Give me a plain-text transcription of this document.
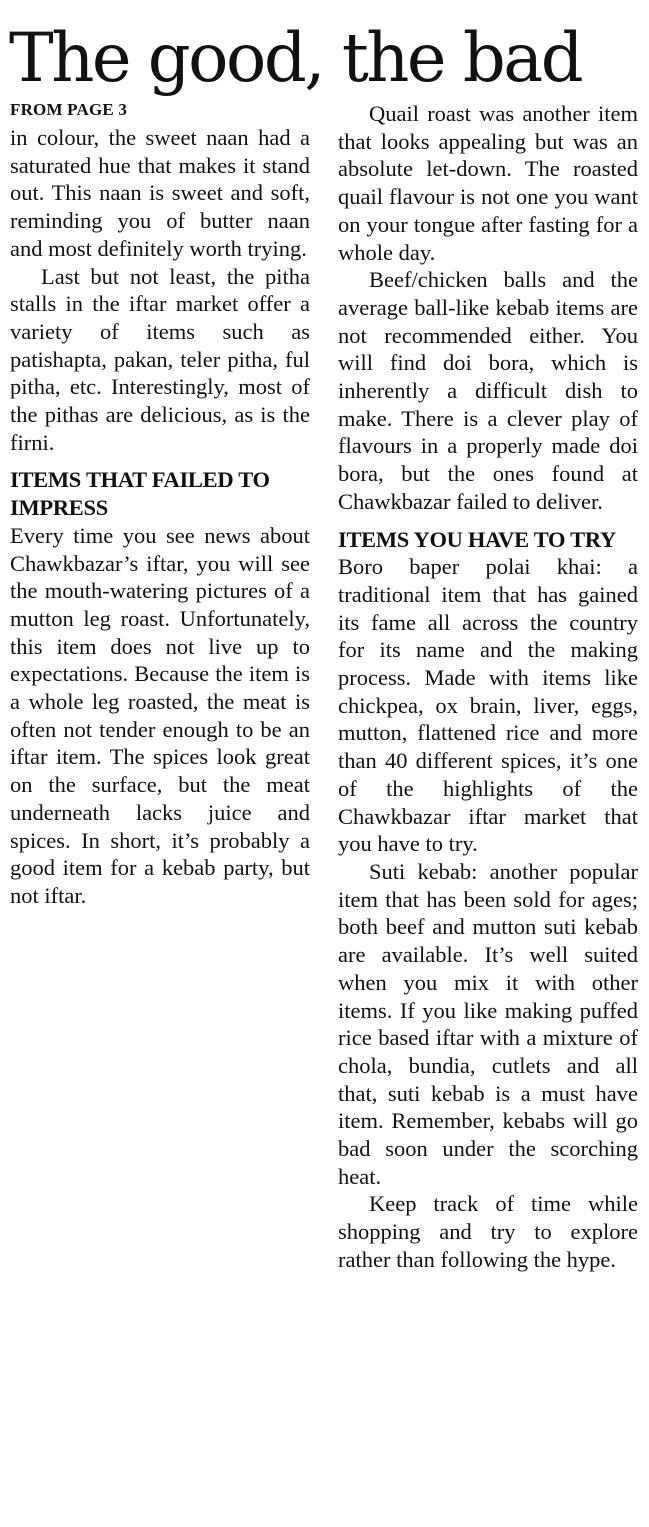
The good, the bad
FROM PAGE 3

in colour, the sweet naan had a saturated hue that makes it stand out. This naan is sweet and soft, reminding you of butter naan and most definitely worth trying.

Last but not least, the pitha stalls in the iftar market offer a variety of items such as patishapta, pakan, teler pitha, ful pitha, etc. Interestingly, most of the pithas are delicious, as is the firni.

ITEMS THAT FAILED TO IMPRESS

Every time you see news about Chawkbazar’s iftar, you will see the mouth-watering pictures of a mutton leg roast. Unfortunately, this item does not live up to expectations. Because the item is a whole leg roasted, the meat is often not tender enough to be an iftar item. The spices look great on the surface, but the meat underneath lacks juice and spices. In short, it’s probably a good item for a kebab party, but not iftar.

Quail roast was another item that looks appealing but was an absolute let-down. The roasted quail flavour is not one you want on your tongue after fasting for a whole day.

Beef/chicken balls and the average ball-like kebab items are not recommended either. You will find doi bora, which is inherently a difficult dish to make. There is a clever play of flavours in a properly made doi bora, but the ones found at Chawkbazar failed to deliver.

ITEMS YOU HAVE TO TRY

Boro baper polai khai: a traditional item that has gained its fame all across the country for its name and the making process. Made with items like chickpea, ox brain, liver, eggs, mutton, flattened rice and more than 40 different spices, it’s one of the highlights of the Chawkbazar iftar market that you have to try.

Suti kebab: another popular item that has been sold for ages; both beef and mutton suti kebab are available. It’s well suited when you mix it with other items. If you like making puffed rice based iftar with a mixture of chola, bundia, cutlets and all that, suti kebab is a must have item. Remember, kebabs will go bad soon under the scorching heat.

Keep track of time while shopping and try to explore rather than following the hype.
